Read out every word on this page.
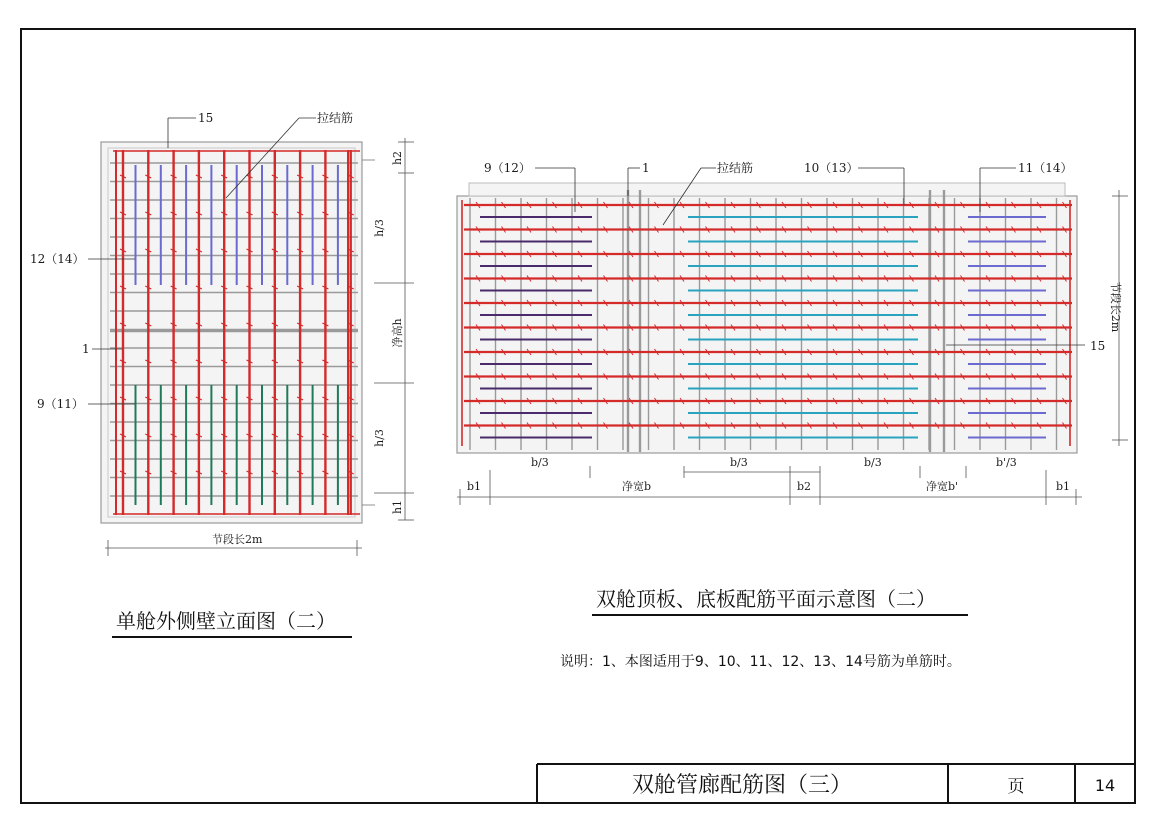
15	拉结筋
12（14）
1
9（11）
节段长2m
h2
h/3
净高h
h/3
h1
单舱外侧壁立面图（二）
9（12）	1	拉结筋	10（13）	11（14）
15
节段长2m
b1
b/3
净宽b
b/3
b2
b/3
净宽b'
b'/3
b1
双舱顶板、底板配筋平面示意图（二）
说明：1、本图适用于9、10、11、12、13、14号筋为单筋时。
双舱管廊配筋图（三）	页	14
